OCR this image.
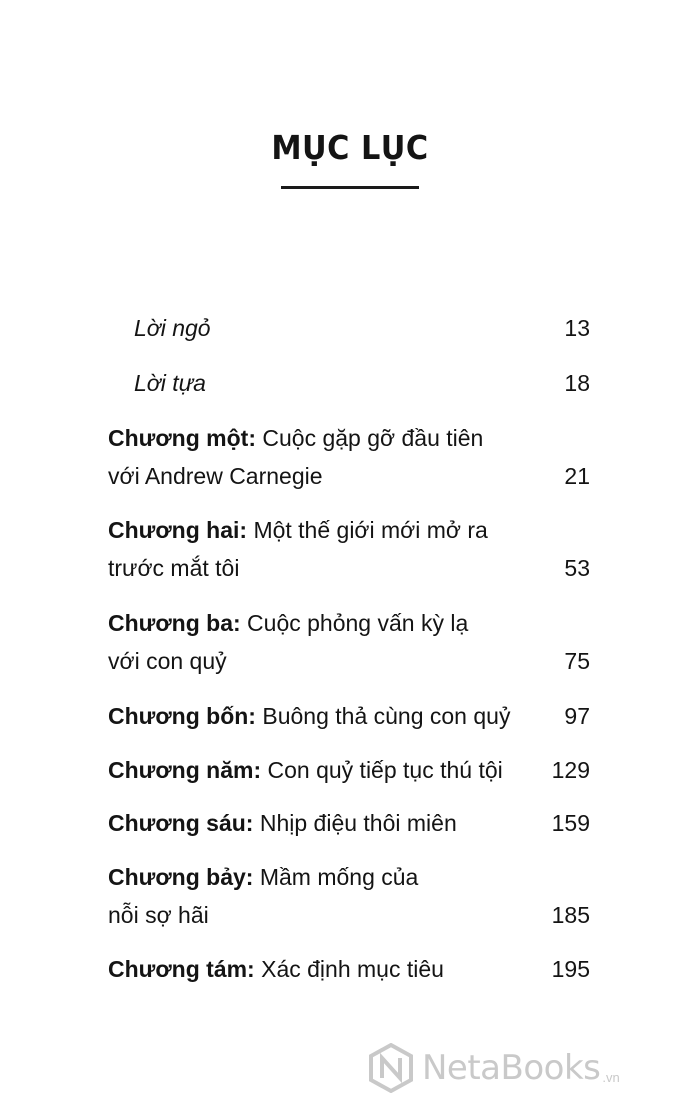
MỤC LỤC
Lời ngỏ	13
Lời tựa	18
Chương một: Cuộc gặp gỡ đầu tiên
với Andrew Carnegie	21
Chương hai: Một thế giới mới mở ra
trước mắt tôi	53
Chương ba: Cuộc phỏng vấn kỳ lạ
với con quỷ	75
Chương bốn: Buông thả cùng con quỷ	97
Chương năm: Con quỷ tiếp tục thú tội 129
Chương sáu: Nhịp điệu thôi miên	159
Chương bảy: Mầm mống của
nỗi sợ hãi	185
Chương tám: Xác định mục tiêu	195
NetaBooks .vn
